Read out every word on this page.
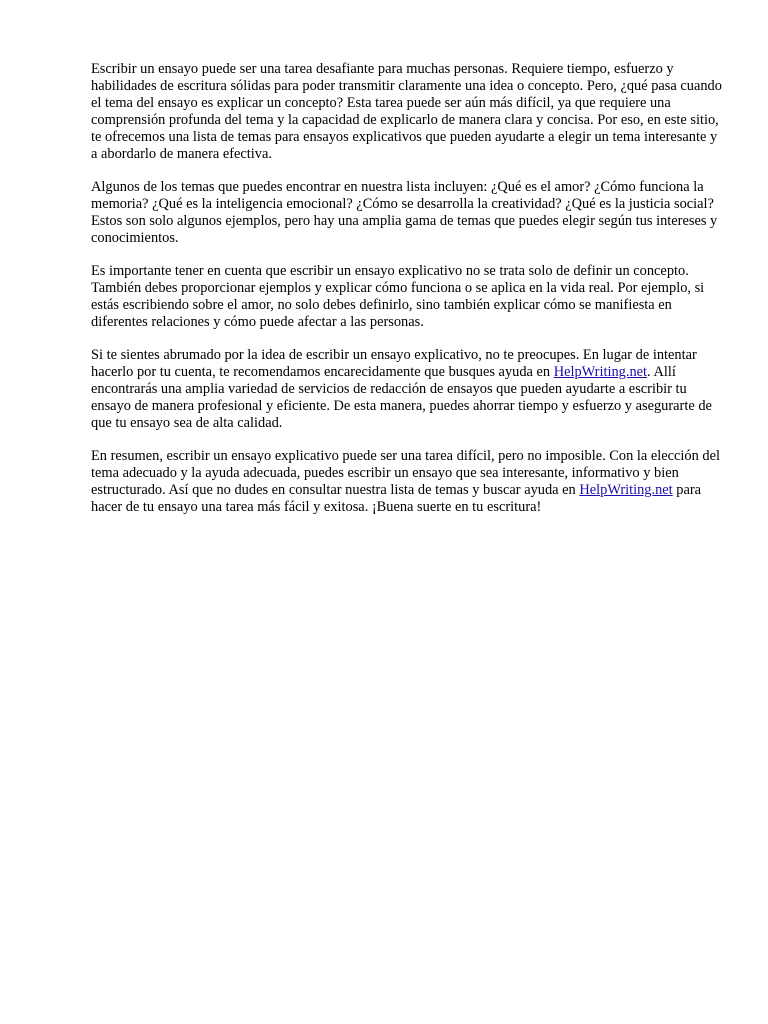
Escribir un ensayo puede ser una tarea desafiante para muchas personas. Requiere tiempo, esfuerzo y habilidades de escritura sólidas para poder transmitir claramente una idea o concepto. Pero, ¿qué pasa cuando el tema del ensayo es explicar un concepto? Esta tarea puede ser aún más difícil, ya que requiere una comprensión profunda del tema y la capacidad de explicarlo de manera clara y concisa. Por eso, en este sitio, te ofrecemos una lista de temas para ensayos explicativos que pueden ayudarte a elegir un tema interesante y a abordarlo de manera efectiva.

Algunos de los temas que puedes encontrar en nuestra lista incluyen: ¿Qué es el amor? ¿Cómo funciona la memoria? ¿Qué es la inteligencia emocional? ¿Cómo se desarrolla la creatividad? ¿Qué es la justicia social? Estos son solo algunos ejemplos, pero hay una amplia gama de temas que puedes elegir según tus intereses y conocimientos.

Es importante tener en cuenta que escribir un ensayo explicativo no se trata solo de definir un concepto. También debes proporcionar ejemplos y explicar cómo funciona o se aplica en la vida real. Por ejemplo, si estás escribiendo sobre el amor, no solo debes definirlo, sino también explicar cómo se manifiesta en diferentes relaciones y cómo puede afectar a las personas.

Si te sientes abrumado por la idea de escribir un ensayo explicativo, no te preocupes. En lugar de intentar hacerlo por tu cuenta, te recomendamos encarecidamente que busques ayuda en HelpWriting.net. Allí encontrarás una amplia variedad de servicios de redacción de ensayos que pueden ayudarte a escribir tu ensayo de manera profesional y eficiente. De esta manera, puedes ahorrar tiempo y esfuerzo y asegurarte de que tu ensayo sea de alta calidad.

En resumen, escribir un ensayo explicativo puede ser una tarea difícil, pero no imposible. Con la elección del tema adecuado y la ayuda adecuada, puedes escribir un ensayo que sea interesante, informativo y bien estructurado. Así que no dudes en consultar nuestra lista de temas y buscar ayuda en HelpWriting.net para hacer de tu ensayo una tarea más fácil y exitosa. ¡Buena suerte en tu escritura!
